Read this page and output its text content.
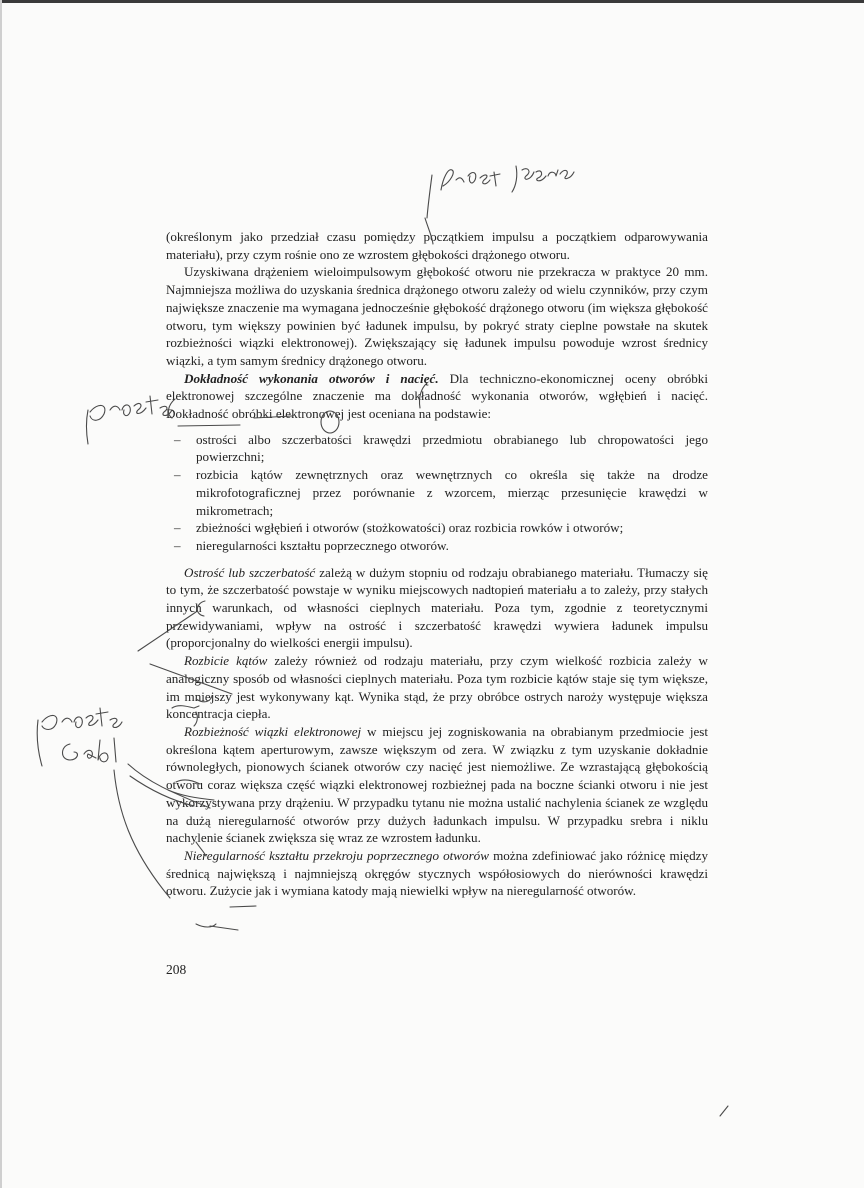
(określonym jako przedział czasu pomiędzy początkiem impulsu a początkiem odparowywania materiału), przy czym rośnie ono ze wzrostem głębokości drążonego otworu.

Uzyskiwana drążeniem wieloimpulsowym głębokość otworu nie przekracza w praktyce 20 mm. Najmniejsza możliwa do uzyskania średnica drążonego otworu zależy od wielu czynników, przy czym największe znaczenie ma wymagana jednocześnie głębokość drążonego otworu (im większa głębokość otworu, tym większy powinien być ładunek impulsu, by pokryć straty cieplne powstałe na skutek rozbieżności wiązki elektronowej). Zwiększający się ładunek impulsu powoduje wzrost średnicy wiązki, a tym samym średnicy drążonego otworu.

Dokładność wykonania otworów i nacięć. Dla techniczno-ekonomicznej oceny obróbki elektronowej szczególne znaczenie ma dokładność wykonania otworów, wgłębień i nacięć. Dokładność obróbki elektronowej jest oceniana na podstawie:

– ostrości albo szczerbatości krawędzi przedmiotu obrabianego lub chropowatości jego powierzchni;
– rozbicia kątów zewnętrznych oraz wewnętrznych co określa się także na drodze mikrofotograficznej przez porównanie z wzorcem, mierząc przesunięcie krawędzi w mikrometrach;
– zbieżności wgłębień i otworów (stożkowatości) oraz rozbicia rowków i otworów;
– nieregularności kształtu poprzecznego otworów.

Ostrość lub szczerbatość zależą w dużym stopniu od rodzaju obrabianego materiału. Tłumaczy się to tym, że szczerbatość powstaje w wyniku miejscowych nadtopień materiału a to zależy, przy stałych innych warunkach, od własności cieplnych materiału. Poza tym, zgodnie z teoretycznymi przewidywaniami, wpływ na ostrość i szczerbatość krawędzi wywiera ładunek impulsu (proporcjonalny do wielkości energii impulsu).

Rozbicie kątów zależy również od rodzaju materiału, przy czym wielkość rozbicia zależy w analogiczny sposób od własności cieplnych materiału. Poza tym rozbicie kątów staje się tym większe, im mniejszy jest wykonywany kąt. Wynika stąd, że przy obróbce ostrych naroży występuje większa koncentracja ciepła.

Rozbieżność wiązki elektronowej w miejscu jej zogniskowania na obrabianym przedmiocie jest określona kątem aperturowym, zawsze większym od zera. W związku z tym uzyskanie dokładnie równoległych, pionowych ścianek otworów czy nacięć jest niemożliwe. Ze wzrastającą głębokością otworu coraz większa część wiązki elektronowej rozbieżnej pada na boczne ścianki otworu i nie jest wykorzystywana przy drążeniu. W przypadku tytanu nie można ustalić nachylenia ścianek ze względu na dużą nieregularność otworów przy dużych ładunkach impulsu. W przypadku srebra i niklu nachylenie ścianek zwiększa się wraz ze wzrostem ładunku.

Nieregularność kształtu przekroju poprzecznego otworów można zdefiniować jako różnicę między średnicą największą i najmniejszą okręgów stycznych współosiowych do nierówności krawędzi otworu. Zużycie jak i wymiana katody mają niewielki wpływ na nieregularność otworów.

208
